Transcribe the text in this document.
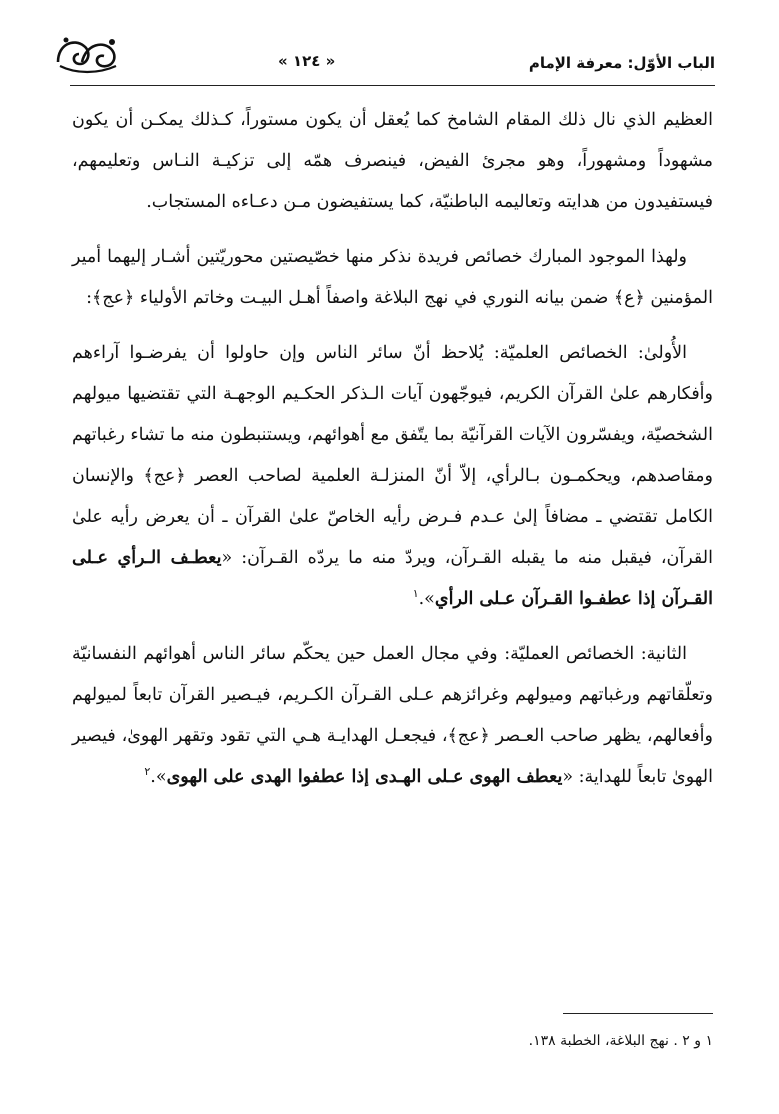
الباب الأوّل: معرفة الإمام
« ١٢٤ »

العظيم الذي نال ذلك المقام الشامخ كما يُعقل أن يكون مستوراً، كـذلك يمكـن أن يكون مشهوداً ومشهوراً، وهو مجرئ الفيض، فينصرف همّه إلى تزكيـة النـاس وتعليمهم، فيستفيدون من هدايته وتعاليمه الباطنيّة، كما يستفيضون مـن دعـاءه المستجاب.

ولهذا الموجود المبارك خصائص فريدة نذكر منها خصّيصتين محوريّتين أشـار إليهما أمير المؤمنين ﴿ع﴾ ضمن بيانه النوري في نهج البلاغة واصفاً أهـل البيـت وخاتم الأولياء ﴿عج﴾:

الأُولىٰ: الخصائص العلميّة: يُلاحظ أنّ سائر الناس وإن حاولوا أن يفرضـوا آراءهم وأفكارهم علىٰ القرآن الكريم، فيوجّهون آيات الـذكر الحكـيم الوجهـة التي تقتضيها ميولهم الشخصيّة، ويفسّرون الآيات القرآنيّة بما يتّفق مع أهوائهم، ويستنبطون منه ما تشاء رغباتهم ومقاصدهم، ويحكمـون بـالرأي، إلاّ أنّ المنزلـة العلمية لصاحب العصر ﴿عج﴾ والإنسان الكامل تقتضي ـ مضافاً إلىٰ عـدم فـرض رأيه الخاصّ علىٰ القرآن ـ أن يعرض رأيه علىٰ القرآن، فيقبل منه ما يقبله القـرآن، ويردّ منه ما يردّه القـرآن: «يعطـف الـرأي عـلى القـرآن إذا عطفـوا القـرآن عـلى الرأي».$^١$

الثانية: الخصائص العمليّة: وفي مجال العمل حين يحكّم سائر الناس أهوائهم النفسانيّة وتعلّقاتهم ورغباتهم وميولهم وغرائزهم عـلى القـرآن الكـريم، فيـصير القرآن تابعاً لميولهم وأفعالهم، يظهر صاحب العـصر ﴿عج﴾، فيجعـل الهدايـة هـي التي تقود وتقهر الهوىٰ، فيصير الهوىٰ تابعاً للهداية: «يعطف الهوى عـلى الهـدى إذا عطفوا الهدى على الهوى».$^٢$

١ و ٢ . نهج البلاغة، الخطبة ١٣٨.
